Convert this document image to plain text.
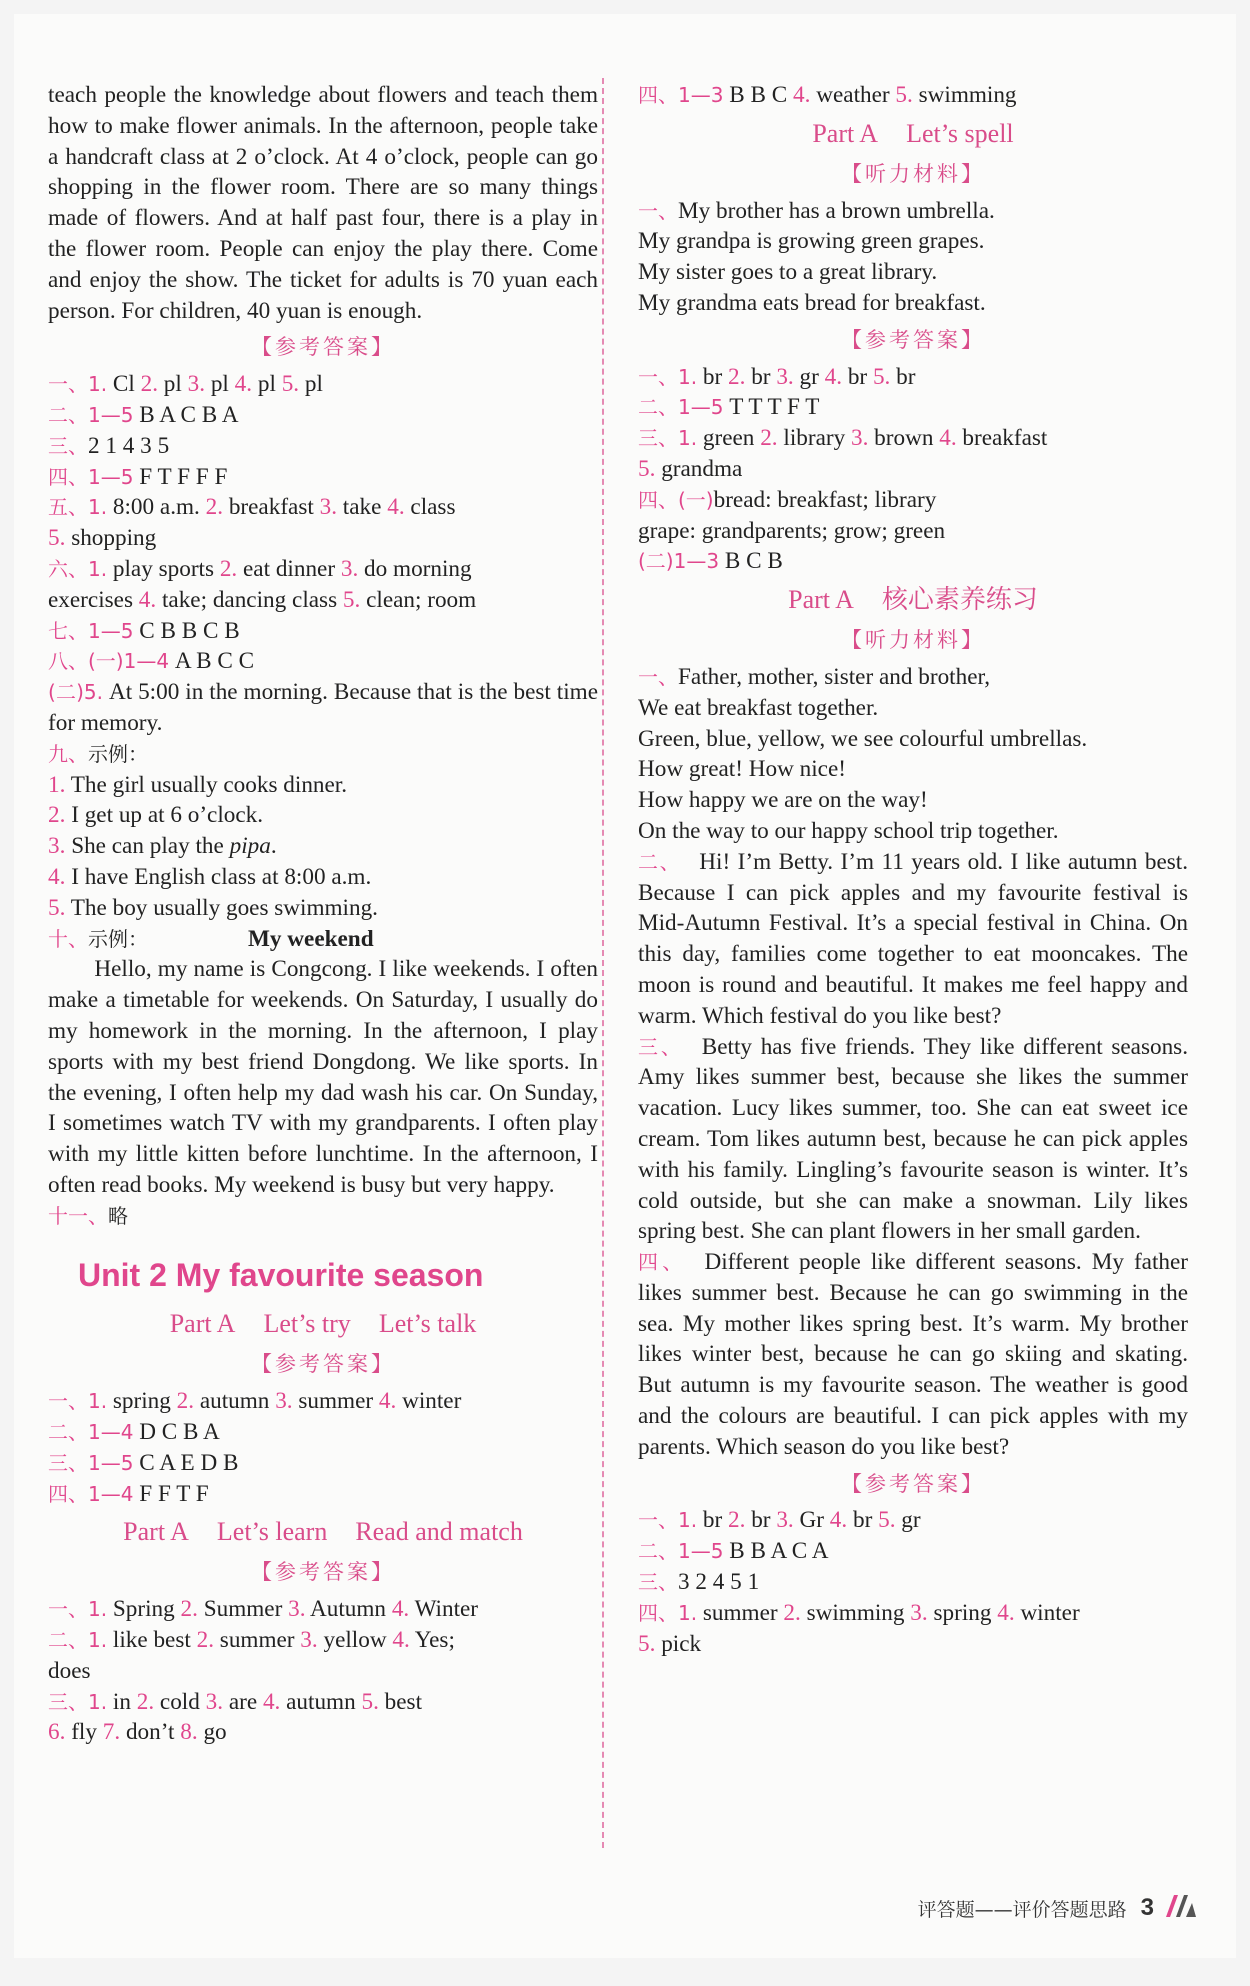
teach people the knowledge about flowers and teach them how to make flower animals. In the afternoon, people take a handcraft class at 2 o’clock. At 4 o’clock, people can go shopping in the flower room. There are so many things made of flowers. And at half past four, there is a play in the flower room. People can enjoy the play there. Come and enjoy the show. The ticket for adults is 70 yuan each person. For children, 40 yuan is enough.

【参考答案】

一、1. Cl 2. pl 3. pl 4. pl 5. pl

二、1—5 B A C B A

三、2 1 4 3 5

四、1—5 F T F F F

五、1. 8:00 a.m. 2. breakfast 3. take 4. class

5. shopping

六、1. play sports 2. eat dinner 3. do morning

exercises 4. take; dancing class 5. clean; room

七、1—5 C B B C B

八、(一)1—4 A B C C

(二)5. At 5:00 in the morning. Because that is the best time for memory.

九、示例：

1. The girl usually cooks dinner.

2. I get up at 6 o’clock.

3. She can play the pipa.

4. I have English class at 8:00 a.m.

5. The boy usually goes swimming.

十、示例：	My weekend

Hello, my name is Congcong. I like weekends. I often make a timetable for weekends. On Saturday, I usually do my homework in the morning. In the afternoon, I play sports with my best friend Dongdong. We like sports. In the evening, I often help my dad wash his car. On Sunday, I sometimes watch TV with my grandparents. I often play with my little kitten before lunchtime. In the afternoon, I often read books. My weekend is busy but very happy.

十一、略

Unit 2 My favourite season
Part A Let’s try Let’s talk
【参考答案】

一、1. spring 2. autumn 3. summer 4. winter

二、1—4 D C B A

三、1—5 C A E D B

四、1—4 F F T F

Part A Let’s learn Read and match
【参考答案】

一、1. Spring 2. Summer 3. Autumn 4. Winter

二、1. like best 2. summer 3. yellow 4. Yes;

does

三、1. in 2. cold 3. are 4. autumn 5. best

6. fly 7. don’t 8. go

四、1—3 B B C 4. weather 5. swimming

Part A Let’s spell
【听力材料】

一、My brother has a brown umbrella.

My grandpa is growing green grapes.

My sister goes to a great library.

My grandma eats bread for breakfast.

【参考答案】

一、1. br 2. br 3. gr 4. br 5. br

二、1—5 T T T F T

三、1. green 2. library 3. brown 4. breakfast

5. grandma

四、(一)bread: breakfast; library

grape: grandparents; grow; green

(二)1—3 B C B

Part A 核心素养练习
【听力材料】

一、Father, mother, sister and brother,

We eat breakfast together.

Green, blue, yellow, we see colourful umbrellas.

How great! How nice!

How happy we are on the way!

On the way to our happy school trip together.

二、 Hi! I’m Betty. I’m 11 years old. I like autumn best. Because I can pick apples and my favourite festival is Mid-Autumn Festival. It’s a special festival in China. On this day, families come together to eat mooncakes. The moon is round and beautiful. It makes me feel happy and warm. Which festival do you like best?

三、 Betty has five friends. They like different seasons. Amy likes summer best, because she likes the summer vacation. Lucy likes summer, too. She can eat sweet ice cream. Tom likes autumn best, because he can pick apples with his family. Lingling’s favourite season is winter. It’s cold outside, but she can make a snowman. Lily likes spring best. She can plant flowers in her small garden.

四、 Different people like different seasons. My father likes summer best. Because he can go swimming in the sea. My mother likes spring best. It’s warm. My brother likes winter best, because he can go skiing and skating. But autumn is my favourite season. The weather is good and the colours are beautiful. I can pick apples with my parents. Which season do you like best?

【参考答案】

一、1. br 2. br 3. Gr 4. br 5. gr

二、1—5 B B A C A

三、3 2 4 5 1

四、1. summer 2. swimming 3. spring 4. winter

5. pick

评答题——评价答题思路 3
